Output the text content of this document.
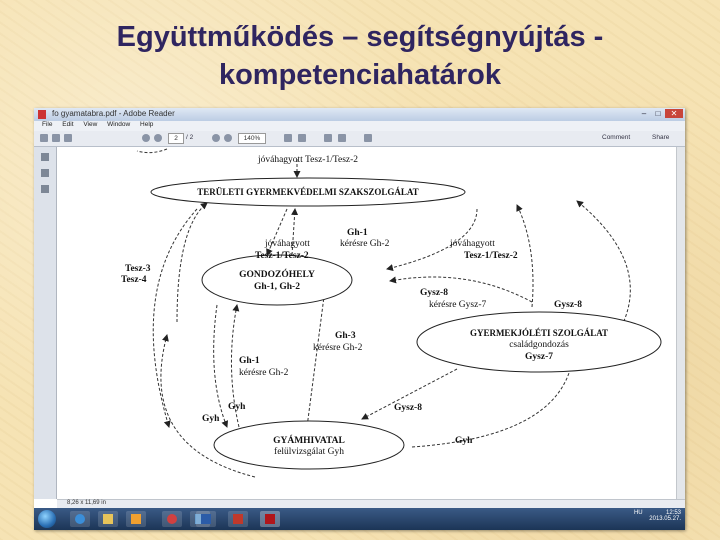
Együttműködés – segítségnyújtás -
kompetenciahatárok
fo gyamatabra.pdf - Adobe Reader	– □ ✕
File Edit View Window Help
2	/ 2	140%	Comment	Share
jóváhagyott Tesz-1/Tesz-2
TERÜLETI GYERMEKVÉDELMI SZAKSZOLGÁLAT
GONDOZÓHELY
Gh-1, Gh-2
GYERMEKJÓLÉTI SZOLGÁLAT
családgondozás
Gysz-7
GYÁMHIVATAL
felülvizsgálat Gyh
Gh-1
jóváhagyott	kérésre Gh-2	jóváhagyott
Tesz-1/Tesz-2	Tesz-1/Tesz-2
Tesz-3
Tesz-4
Gysz-8
kérésre Gysz-7	Gysz-8
Gh-3
kérésre Gh-2
Gh-1
kérésre Gh-2
Gyh
Gyh
Gysz-8
Gyh
8,26 x 11,69 in
HU	12:53
2013.05.27.
